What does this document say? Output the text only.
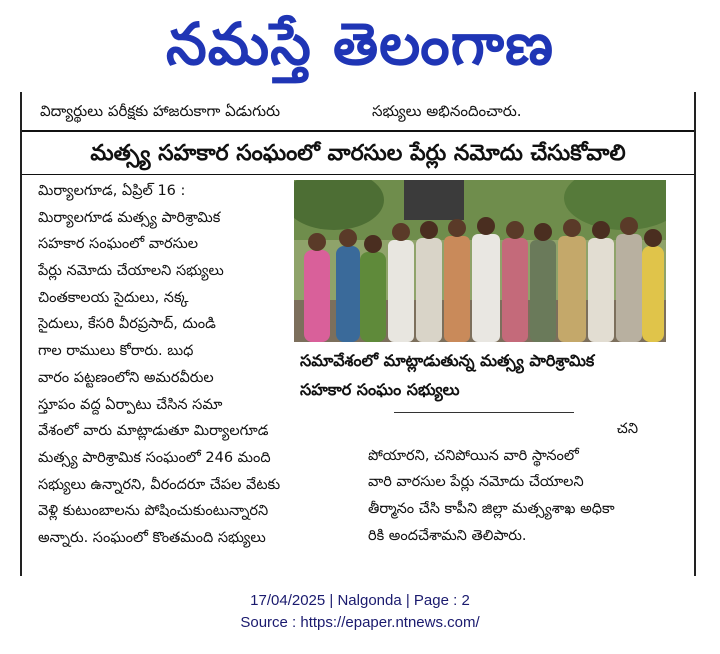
నమస్తే తెలంగాణ
విద్యార్థులు పరీక్షకు హాజరుకాగా ఏడుగురు	సభ్యులు అభినందించారు.
మత్స్య సహకార సంఘంలో వారసుల పేర్లు నమోదు చేసుకోవాలి
మిర్యాలగూడ, ఏప్రిల్ 16 :
మిర్యాలగూడ మత్స్య పారిశ్రామిక
సహకార సంఘంలో వారసుల
పేర్లు నమోదు చేయాలని సభ్యులు
చింతకాలయ సైదులు, నక్క
సైదులు, కేసరి వీరప్రసాద్, దుండి
గాల రాములు కోరారు. బుధ
వారం పట్టణంలోని అమరవీరుల
స్తూపం వద్ద ఏర్పాటు చేసిన సమా
వేశంలో వారు మాట్లాడుతూ మిర్యాలగూడ
మత్స్య పారిశ్రామిక సంఘంలో 246 మంది
సభ్యులు ఉన్నారని, వీరందరూ చేపల వేటకు
వెళ్లి కుటుంబాలను పోషించుకుంటున్నారని
అన్నారు. సంఘంలో కొంతమంది సభ్యులు
సమావేశంలో మాట్లాడుతున్న మత్స్య పారిశ్రామిక
సహకార సంఘం సభ్యులు
చని
పోయారని, చనిపోయిన వారి స్థానంలో
వారి వారసుల పేర్లు నమోదు చేయాలని
తీర్మానం చేసి కాపీని జిల్లా మత్స్యశాఖ అధికా
రికి అందచేశామని తెలిపారు.
17/04/2025 | Nalgonda | Page : 2
Source : https://epaper.ntnews.com/
